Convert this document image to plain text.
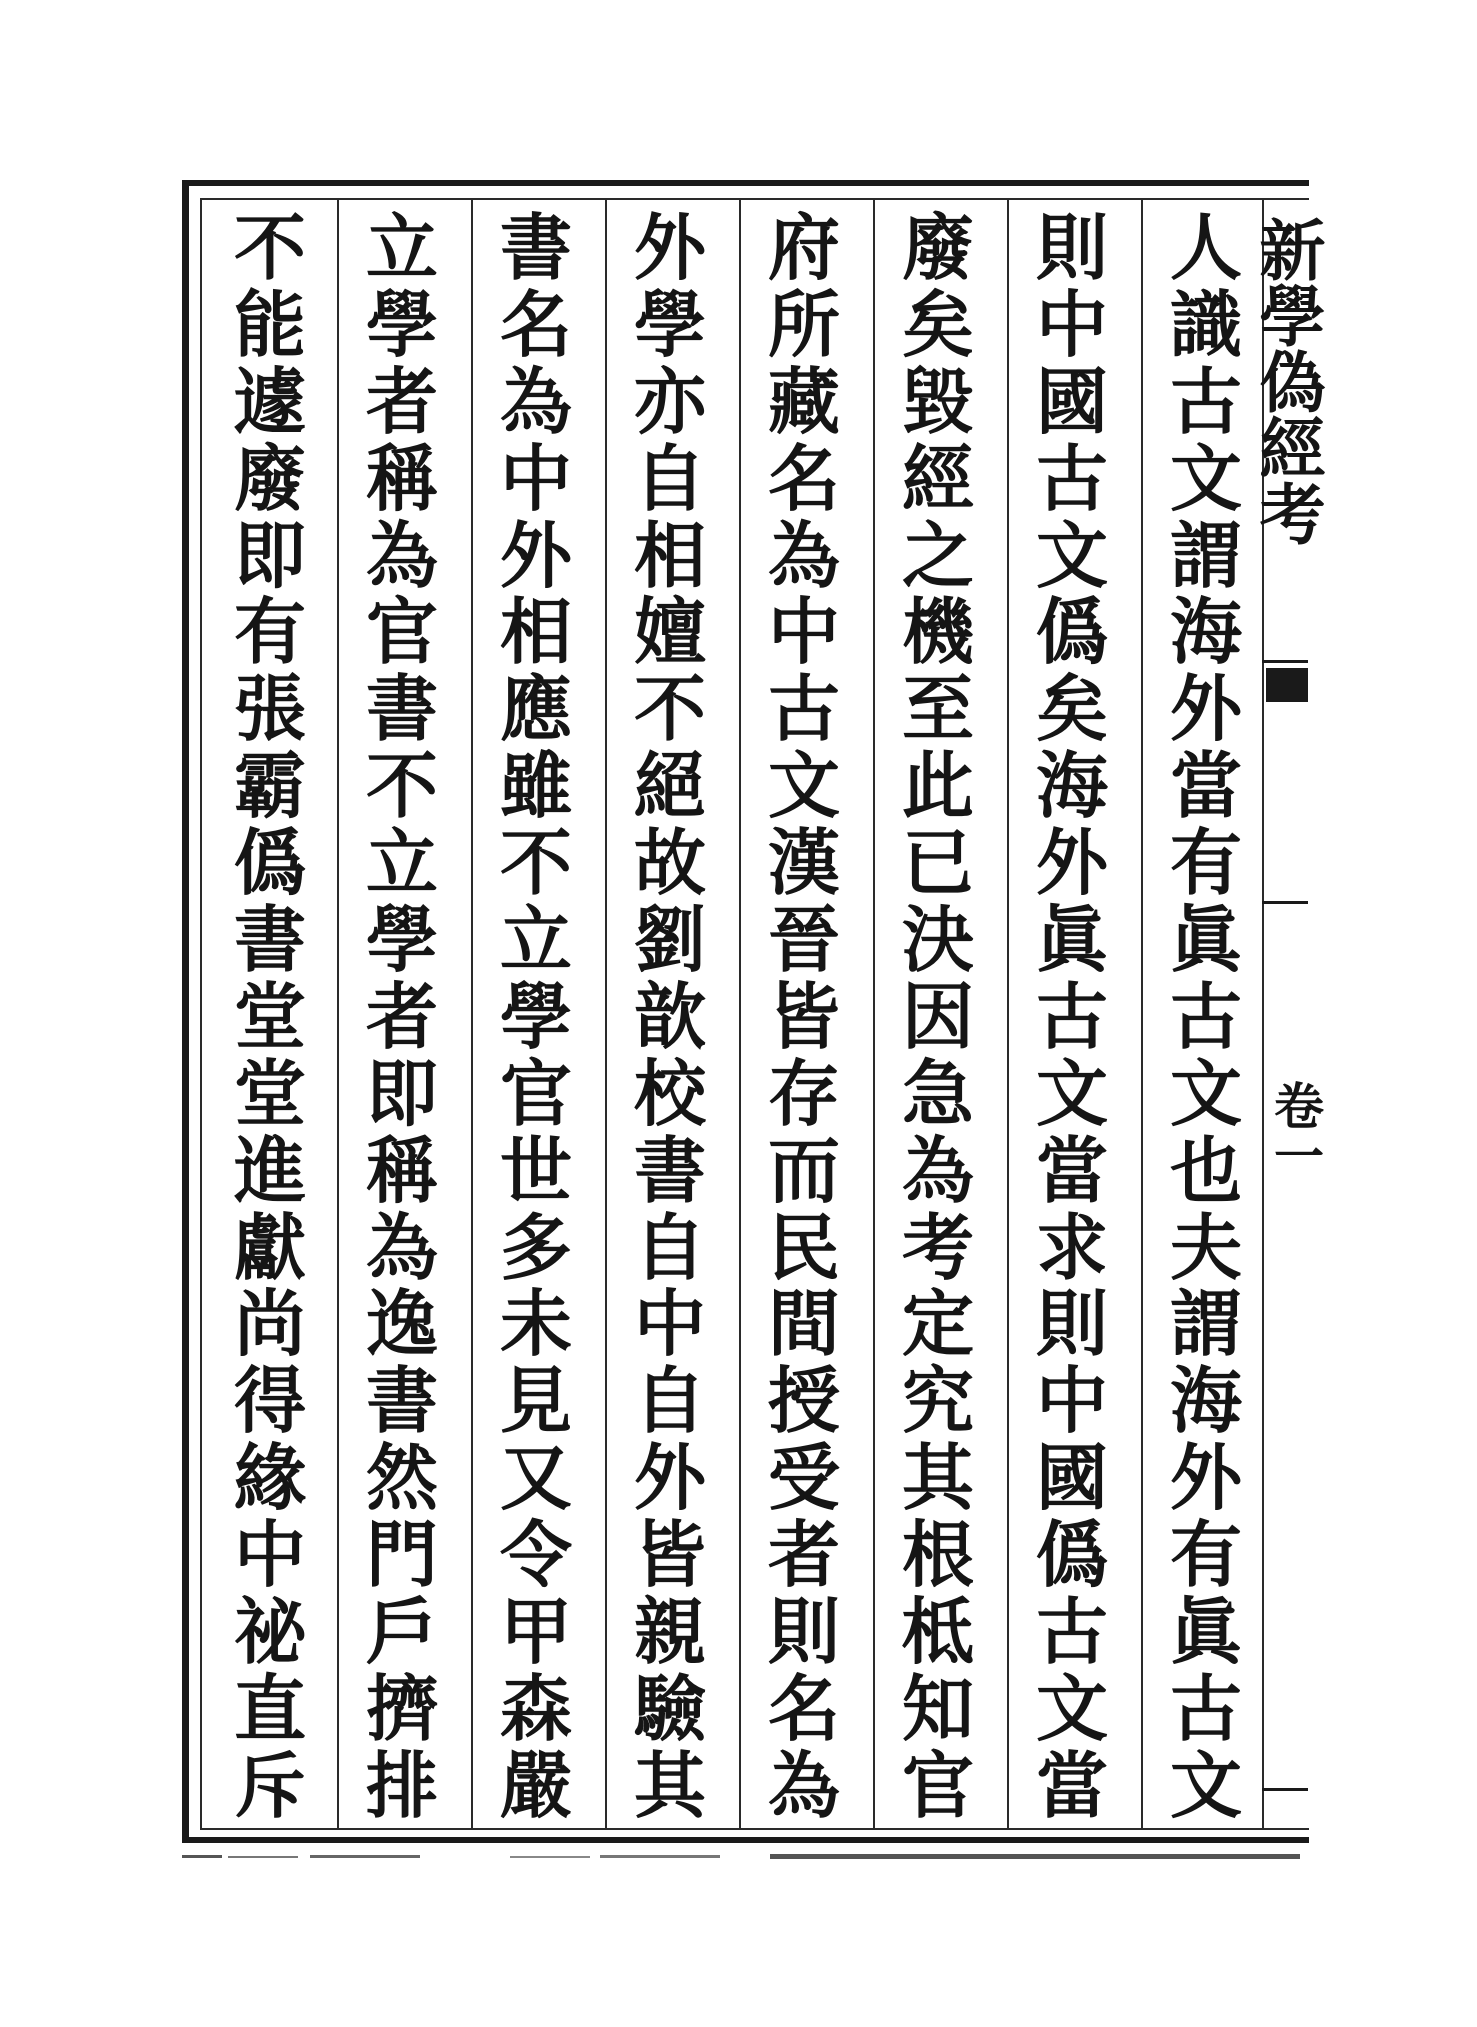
人
識
古
文
謂
海
外
當
有
眞
古
文
也
夫
謂
海
外
有
眞
古
文
則
中
國
古
文
僞
矣
海
外
眞
古
文
當
求
則
中
國
僞
古
文
當
廢
矣
毀
經
之
機
至
此
已
決
因
急
為
考
定
究
其
根
柢
知
官
府
所
藏
名
為
中
古
文
漢
晉
皆
存
而
民
間
授
受
者
則
名
為
外
學
亦
自
相
嬗
不
絕
故
劉
歆
校
書
自
中
自
外
皆
親
驗
其
書
名
為
中
外
相
應
雖
不
立
學
官
世
多
未
見
又
令
甲
森
嚴
立
學
者
稱
為
官
書
不
立
學
者
即
稱
為
逸
書
然
門
戶
擠
排
不
能
遽
廢
即
有
張
霸
僞
書
堂
堂
進
獻
尚
得
緣
中
祕
直
斥
新學偽經考
卷一
